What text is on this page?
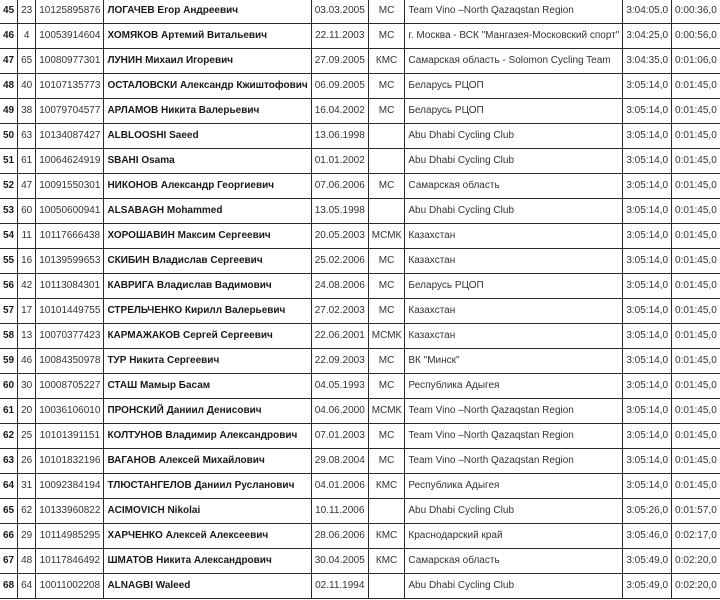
45	23	10125895876	ЛОГАЧЕВ Егор Андреевич	03.03.2005	МС	Team Vino –North Qazaqstan Region	3:04:05,0	0:00:36,0
46	4	10053914604	ХОМЯКОВ Артемий Витальевич	22.11.2003	МС	г. Москва - ВСК "Мангазея-Московский спорт"	3:04:25,0	0:00:56,0
47	65	10080977301	ЛУНИН Михаил Игоревич	27.09.2005	КМС	Самарская область - Solomon Cycling Team	3:04:35,0	0:01:06,0
48	40	10107135773	ОСТАЛОВСКИ Александр Кжиштофович	06.09.2005	МС	Беларусь РЦОП	3:05:14,0	0:01:45,0
49	38	10079704577	АРЛАМОВ Никита Валерьевич	16.04.2002	МС	Беларусь РЦОП	3:05:14,0	0:01:45,0
50	63	10134087427	ALBLOOSHI Saeed	13.06.1998		Abu Dhabi Cycling Club	3:05:14,0	0:01:45,0
51	61	10064624919	SBAHI Osama	01.01.2002		Abu Dhabi Cycling Club	3:05:14,0	0:01:45,0
52	47	10091550301	НИКОНОВ Александр Георгиевич	07.06.2006	МС	Самарская область	3:05:14,0	0:01:45,0
53	60	10050600941	ALSABAGH Mohammed	13.05.1998		Abu Dhabi Cycling Club	3:05:14,0	0:01:45,0
54	11	10117666438	ХОРОШАВИН Максим Сергеевич	20.05.2003	МСМК	Казахстан	3:05:14,0	0:01:45,0
55	16	10139599653	СКИБИН Владислав Сергеевич	25.02.2006	МС	Казахстан	3:05:14,0	0:01:45,0
56	42	10113084301	КАВРИГА Владислав Вадимович	24.08.2006	МС	Беларусь РЦОП	3:05:14,0	0:01:45,0
57	17	10101449755	СТРЕЛЬЧЕНКО Кирилл Валерьевич	27.02.2003	МС	Казахстан	3:05:14,0	0:01:45,0
58	13	10070377423	КАРМАЖАКОВ Сергей Сергеевич	22.06.2001	МСМК	Казахстан	3:05:14,0	0:01:45,0
59	46	10084350978	ТУР Никита Сергеевич	22.09.2003	МС	ВК "Минск"	3:05:14,0	0:01:45,0
60	30	10008705227	СТАШ Мамыр Басам	04.05.1993	МС	Республика Адыгея	3:05:14,0	0:01:45,0
61	20	10036106010	ПРОНСКИЙ Даниил Денисович	04.06.2000	МСМК	Team Vino –North Qazaqstan Region	3:05:14,0	0:01:45,0
62	25	10101391151	КОЛТУНОВ Владимир Александрович	07.01.2003	МС	Team Vino –North Qazaqstan Region	3:05:14,0	0:01:45,0
63	26	10101832196	ВАГАНОВ Алексей Михайлович	29.08.2004	МС	Team Vino –North Qazaqstan Region	3:05:14,0	0:01:45,0
64	31	10092384194	ТЛЮСТАНГЕЛОВ Даниил Русланович	04.01.2006	КМС	Республика Адыгея	3:05:14,0	0:01:45,0
65	62	10133960822	ACIMOVICH Nikolai	10.11.2006		Abu Dhabi Cycling Club	3:05:26,0	0:01:57,0
66	29	10114985295	ХАРЧЕНКО Алексей Алексеевич	28.06.2006	КМС	Краснодарский край	3:05:46,0	0:02:17,0
67	48	10117846492	ШМАТОВ Никита Александрович	30.04.2005	КМС	Самарская область	3:05:49,0	0:02:20,0
68	64	10011002208	ALNAGBI Waleed	02.11.1994		Abu Dhabi Cycling Club	3:05:49,0	0:02:20,0
